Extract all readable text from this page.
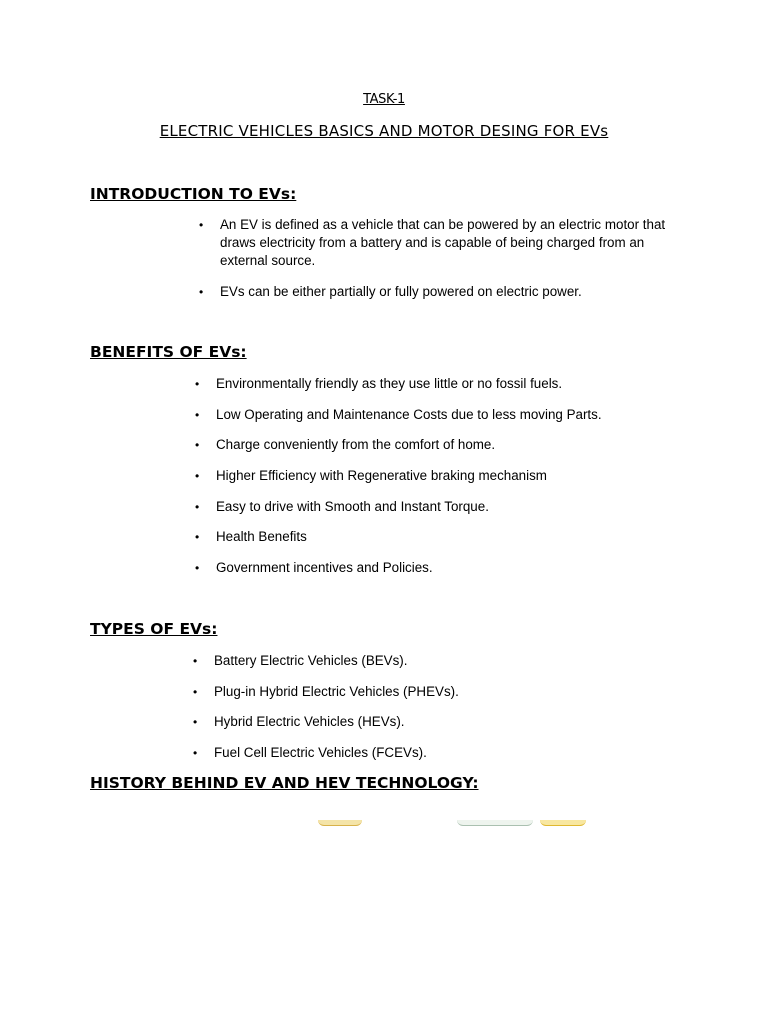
TASK-1
ELECTRIC VEHICLES BASICS AND MOTOR DESING FOR EVs
INTRODUCTION TO EVs:
• An EV is defined as a vehicle that can be powered by an electric motor that draws electricity from a battery and is capable of being charged from an external source.
• EVs can be either partially or fully powered on electric power.
BENEFITS OF EVs:
• Environmentally friendly as they use little or no fossil fuels.
• Low Operating and Maintenance Costs due to less moving Parts.
• Charge conveniently from the comfort of home.
• Higher Efficiency with Regenerative braking mechanism
• Easy to drive with Smooth and Instant Torque.
• Health Benefits
• Government incentives and Policies.
TYPES OF EVs:
• Battery Electric Vehicles (BEVs).
• Plug-in Hybrid Electric Vehicles (PHEVs).
• Hybrid Electric Vehicles (HEVs).
• Fuel Cell Electric Vehicles (FCEVs).
HISTORY BEHIND EV AND HEV TECHNOLOGY:
